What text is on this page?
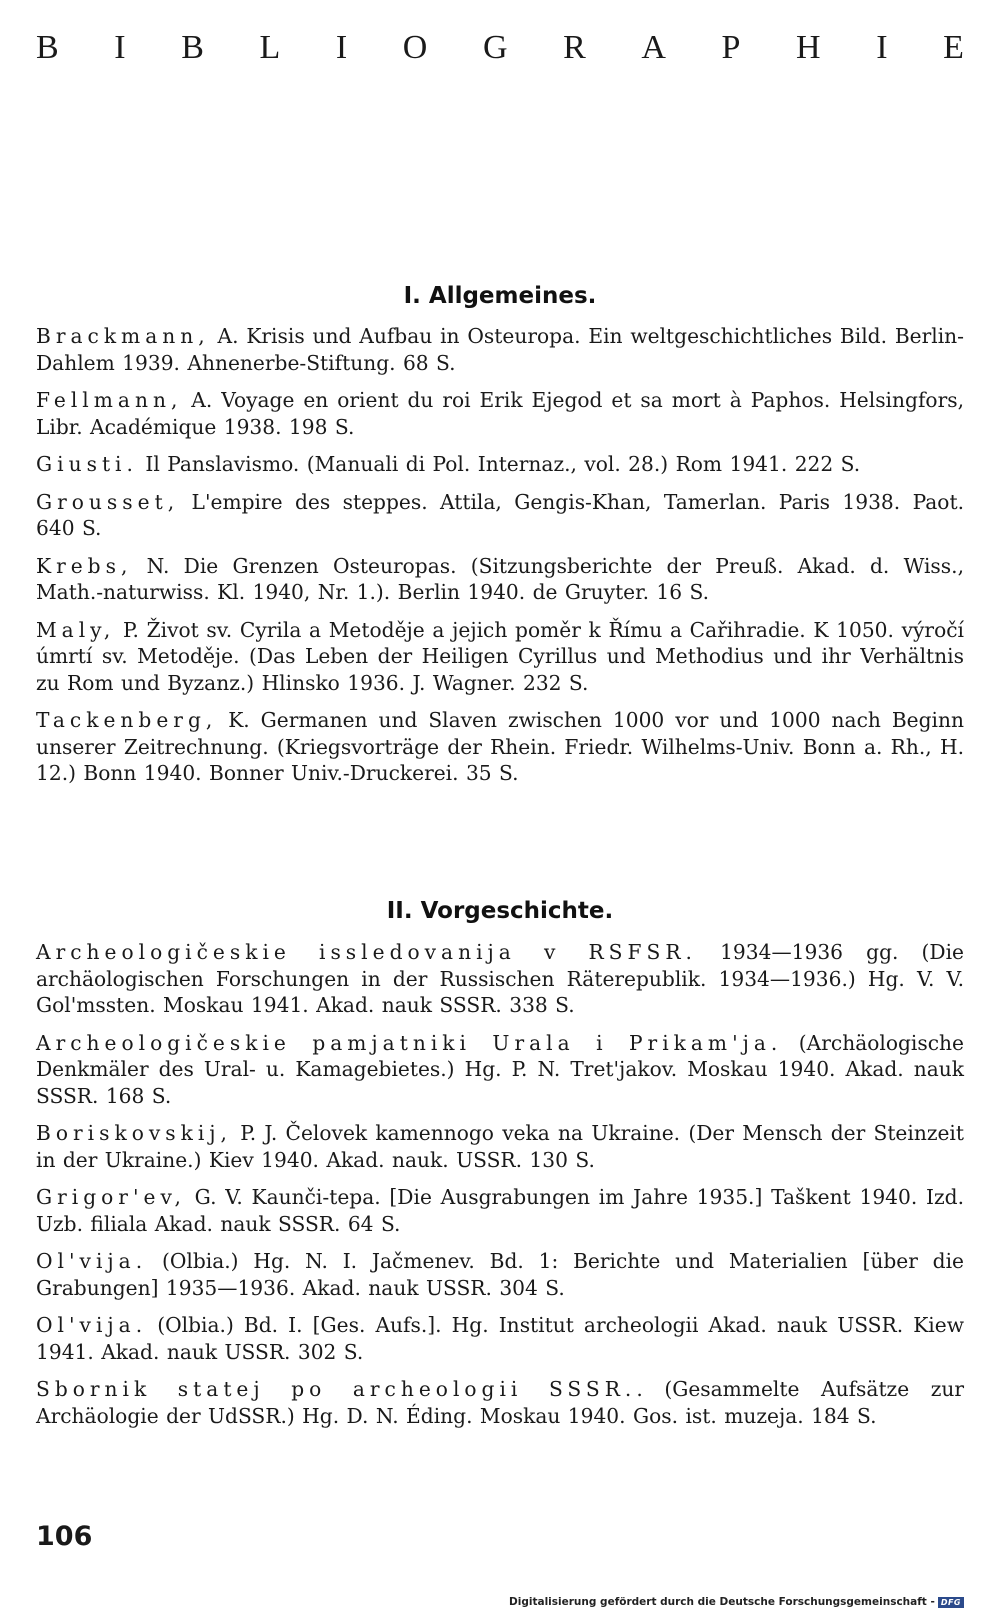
B I B L I O G R A P H I E
I. Allgemeines.

Brackmann, A. Krisis und Aufbau in Osteuropa. Ein weltgeschichtliches Bild. Berlin-Dahlem 1939. Ahnenerbe-Stiftung. 68 S.

Fellmann, A. Voyage en orient du roi Erik Ejegod et sa mort à Paphos. Helsingfors, Libr. Académique 1938. 198 S.

Giusti. Il Panslavismo. (Manuali di Pol. Internaz., vol. 28.) Rom 1941. 222 S.

Grousset, L'empire des steppes. Attila, Gengis-Khan, Tamerlan. Paris 1938. Paot. 640 S.

Krebs, N. Die Grenzen Osteuropas. (Sitzungsberichte der Preuß. Akad. d. Wiss., Math.-naturwiss. Kl. 1940, Nr. 1.). Berlin 1940. de Gruyter. 16 S.

Maly, P. Život sv. Cyrila a Metoděje a jejich poměr k Římu a Cařihradie. K 1050. výročí úmrtí sv. Metoděje. (Das Leben der Heiligen Cyrillus und Methodius und ihr Verhältnis zu Rom und Byzanz.) Hlinsko 1936. J. Wagner. 232 S.

Tackenberg, K. Germanen und Slaven zwischen 1000 vor und 1000 nach Beginn unserer Zeitrechnung. (Kriegsvorträge der Rhein. Friedr. Wilhelms-Univ. Bonn a. Rh., H. 12.) Bonn 1940. Bonner Univ.-Druckerei. 35 S.

II. Vorgeschichte.

Archeologičeskie issledovanija v RSFSR. 1934—1936 gg. (Die archäologischen Forschungen in der Russischen Räterepublik. 1934—1936.) Hg. V. V. Gol'mssten. Moskau 1941. Akad. nauk SSSR. 338 S.

Archeologičeskie pamjatniki Urala i Prikam'ja. (Archäologische Denkmäler des Ural- u. Kamagebietes.) Hg. P. N. Tret'jakov. Moskau 1940. Akad. nauk SSSR. 168 S.

Boriskovskij, P. J. Čelovek kamennogo veka na Ukraine. (Der Mensch der Steinzeit in der Ukraine.) Kiev 1940. Akad. nauk. USSR. 130 S.

Grigor'ev, G. V. Kaunči-tepa. [Die Ausgrabungen im Jahre 1935.] Taškent 1940. Izd. Uzb. filiala Akad. nauk SSSR. 64 S.

Ol'vija. (Olbia.) Hg. N. I. Jačmenev. Bd. 1: Berichte und Materialien [über die Grabungen] 1935—1936. Akad. nauk USSR. 304 S.

Ol'vija. (Olbia.) Bd. I. [Ges. Aufs.]. Hg. Institut archeologii Akad. nauk USSR. Kiew 1941. Akad. nauk USSR. 302 S.

Sbornik statej po archeologii SSSR.. (Gesammelte Aufsätze zur Archäologie der UdSSR.) Hg. D. N. Éding. Moskau 1940. Gos. ist. muzeja. 184 S.

106
Digitalisierung gefördert durch die Deutsche Forschungsgemeinschaft - DFG
